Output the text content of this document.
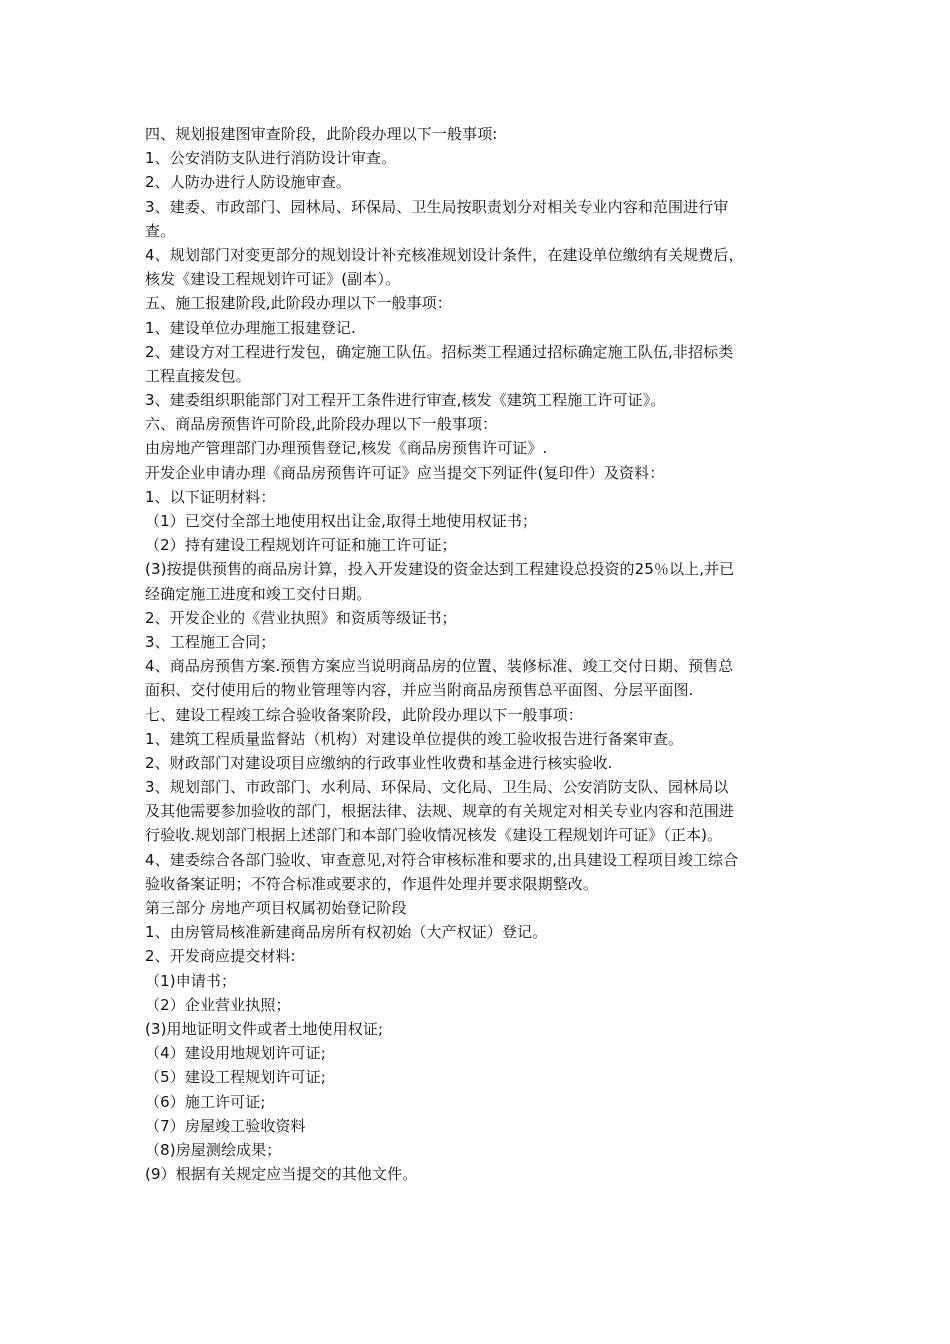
四、规划报建图审查阶段，此阶段办理以下一般事项:
1、公安消防支队进行消防设计审查。
2、人防办进行人防设施审查。
3、建委、市政部门、园林局、环保局、卫生局按职责划分对相关专业内容和范围进行审
查。
4、规划部门对变更部分的规划设计补充核准规划设计条件，在建设单位缴纳有关规费后，
核发《建设工程规划许可证》(副本）。
五、施工报建阶段,此阶段办理以下一般事项：
1、建设单位办理施工报建登记.
2、建设方对工程进行发包，确定施工队伍。招标类工程通过招标确定施工队伍,非招标类
工程直接发包。
3、建委组织职能部门对工程开工条件进行审查,核发《建筑工程施工许可证》。
六、商品房预售许可阶段,此阶段办理以下一般事项：
由房地产管理部门办理预售登记,核发《商品房预售许可证》.
开发企业申请办理《商品房预售许可证》应当提交下列证件(复印件）及资料：
1、以下证明材料：
（1）已交付全部土地使用权出让金,取得土地使用权证书；
（2）持有建设工程规划许可证和施工许可证；
(3)按提供预售的商品房计算，投入开发建设的资金达到工程建设总投资的25％以上,并已
经确定施工进度和竣工交付日期。
2、开发企业的《营业执照》和资质等级证书；
3、工程施工合同；
4、商品房预售方案.预售方案应当说明商品房的位置、装修标准、竣工交付日期、预售总
面积、交付使用后的物业管理等内容，并应当附商品房预售总平面图、分层平面图.
七、建设工程竣工综合验收备案阶段，此阶段办理以下一般事项：
1、建筑工程质量监督站（机构）对建设单位提供的竣工验收报告进行备案审查。
2、财政部门对建设项目应缴纳的行政事业性收费和基金进行核实验收.
3、规划部门、市政部门、水利局、环保局、文化局、卫生局、公安消防支队、园林局以
及其他需要参加验收的部门，根据法律、法规、规章的有关规定对相关专业内容和范围进
行验收.规划部门根据上述部门和本部门验收情况核发《建设工程规划许可证》（正本)。
4、建委综合各部门验收、审查意见,对符合审核标准和要求的,出具建设工程项目竣工综合
验收备案证明；不符合标准或要求的，作退件处理并要求限期整改。
第三部分 房地产项目权属初始登记阶段
1、由房管局核准新建商品房所有权初始（大产权证）登记。
2、开发商应提交材料:
（1)申请书；
（2）企业营业执照；
(3)用地证明文件或者土地使用权证;
（4）建设用地规划许可证;
（5）建设工程规划许可证;
（6）施工许可证;
（7）房屋竣工验收资料
（8)房屋测绘成果；
(9）根据有关规定应当提交的其他文件。
